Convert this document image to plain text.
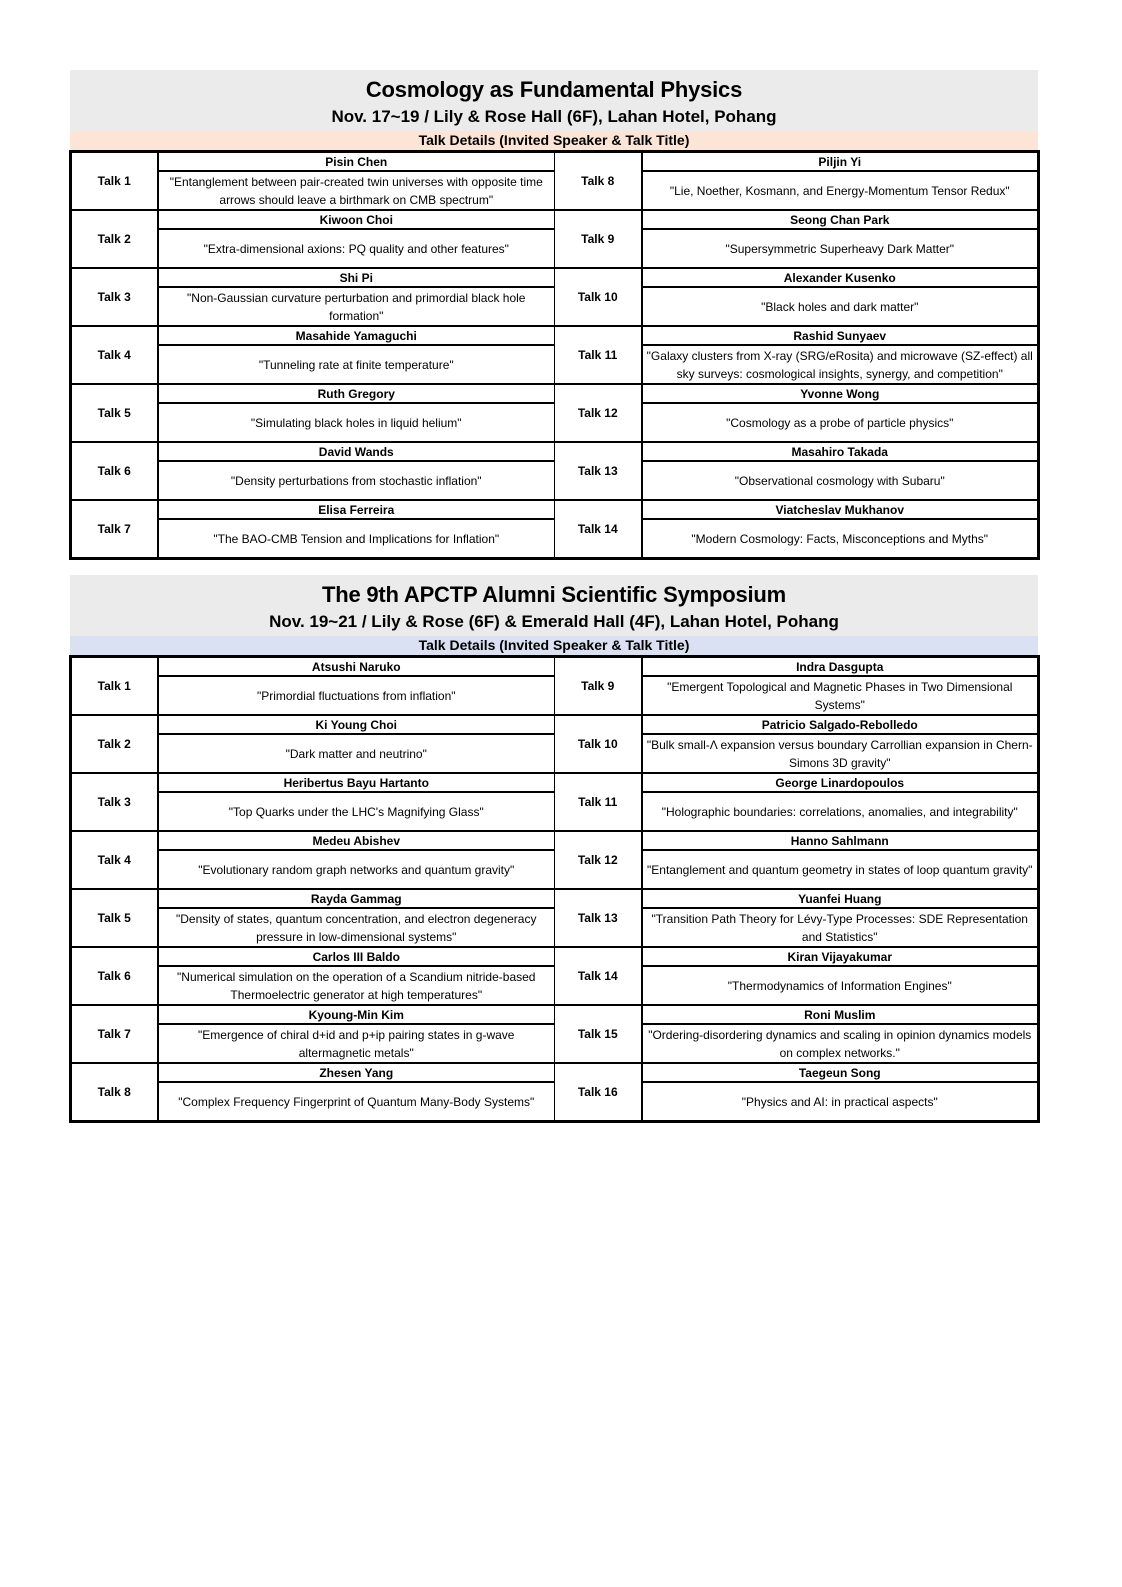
Cosmology as Fundamental Physics
Nov. 17~19 / Lily & Rose Hall (6F), Lahan Hotel, Pohang
Talk Details (Invited Speaker & Talk Title)
Talk 1	Pisin Chen	Talk 8	Piljin Yi
	"Entanglement between pair-created twin universes with opposite time arrows should leave a birthmark on CMB spectrum"		"Lie, Noether, Kosmann, and Energy-Momentum Tensor Redux"
Talk 2	Kiwoon Choi	Talk 9	Seong Chan Park
	"Extra-dimensional axions: PQ quality and other features"		"Supersymmetric Superheavy Dark Matter"
Talk 3	Shi Pi	Talk 10	Alexander Kusenko
	"Non-Gaussian curvature perturbation and primordial black hole formation"		"Black holes and dark matter"
Talk 4	Masahide Yamaguchi	Talk 11	Rashid Sunyaev
	"Tunneling rate at finite temperature"		"Galaxy clusters from X-ray (SRG/eRosita) and microwave (SZ-effect) all sky surveys: cosmological insights, synergy, and competition"
Talk 5	Ruth Gregory	Talk 12	Yvonne Wong
	"Simulating black holes in liquid helium"		"Cosmology as a probe of particle physics"
Talk 6	David Wands	Talk 13	Masahiro Takada
	"Density perturbations from stochastic inflation"		"Observational cosmology with Subaru"
Talk 7	Elisa Ferreira	Talk 14	Viatcheslav Mukhanov
	"The BAO-CMB Tension and Implications for Inflation"		"Modern Cosmology: Facts, Misconceptions and Myths"
The 9th APCTP Alumni Scientific Symposium
Nov. 19~21 / Lily & Rose (6F) & Emerald Hall (4F), Lahan Hotel, Pohang
Talk Details (Invited Speaker & Talk Title)
Talk 1	Atsushi Naruko	Talk 9	Indra Dasgupta
	"Primordial fluctuations from inflation"		"Emergent Topological and Magnetic Phases in Two Dimensional Systems"
Talk 2	Ki Young Choi	Talk 10	Patricio Salgado-Rebolledo
	"Dark matter and neutrino"		"Bulk small-Λ expansion versus boundary Carrollian expansion in Chern-Simons 3D gravity"
Talk 3	Heribertus Bayu Hartanto	Talk 11	George Linardopoulos
	"Top Quarks under the LHC's Magnifying Glass"		"Holographic boundaries: correlations, anomalies, and integrability"
Talk 4	Medeu Abishev	Talk 12	Hanno Sahlmann
	"Evolutionary random graph networks and quantum gravity"		"Entanglement and quantum geometry in states of loop quantum gravity"
Talk 5	Rayda Gammag	Talk 13	Yuanfei Huang
	"Density of states, quantum concentration, and electron degeneracy pressure in low-dimensional systems"		"Transition Path Theory for Lévy-Type Processes: SDE Representation and Statistics"
Talk 6	Carlos III Baldo	Talk 14	Kiran Vijayakumar
	"Numerical simulation on the operation of a Scandium nitride-based Thermoelectric generator at high temperatures"		"Thermodynamics of Information Engines"
Talk 7	Kyoung-Min Kim	Talk 15	Roni Muslim
	"Emergence of chiral d+id and p+ip pairing states in g-wave altermagnetic metals"		"Ordering-disordering dynamics and scaling in opinion dynamics models on complex networks."
Talk 8	Zhesen Yang	Talk 16	Taegeun Song
	"Complex Frequency Fingerprint of Quantum Many-Body Systems"		"Physics and AI: in practical aspects"
